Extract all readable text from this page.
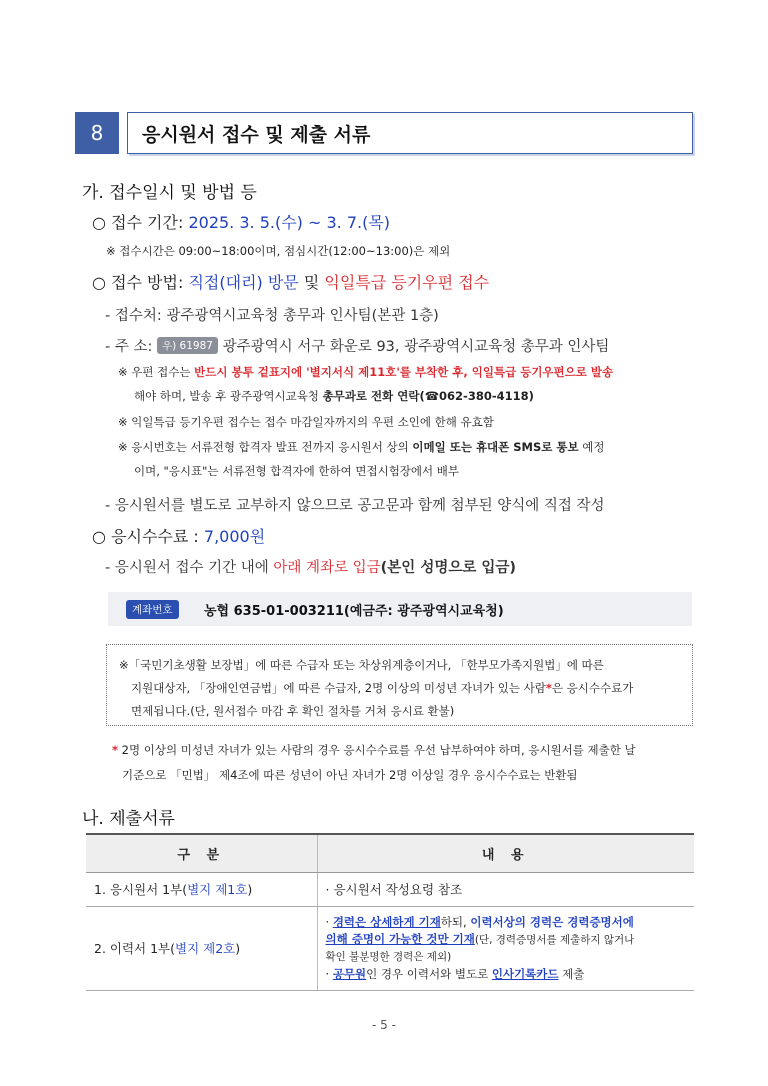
8	응시원서 접수 및 제출 서류
가. 접수일시 및 방법 등
○ 접수 기간: 2025. 3. 5.(수) ~ 3. 7.(목)
※ 접수시간은 09:00~18:00이며, 점심시간(12:00~13:00)은 제외
○ 접수 방법: 직접(대리) 방문 및 익일특급 등기우편 접수
- 접수처: 광주광역시교육청 총무과 인사팀(본관 1층)
- 주 소: 우) 61987 광주광역시 서구 화운로 93, 광주광역시교육청 총무과 인사팀
※ 우편 접수는 반드시 봉투 겉표지에 '별지서식 제11호'를 부착한 후, 익일특급 등기우편으로 발송
해야 하며, 발송 후 광주광역시교육청 총무과로 전화 연락(☎062-380-4118)
※ 익일특급 등기우편 접수는 접수 마감일자까지의 우편 소인에 한해 유효함
※ 응시번호는 서류전형 합격자 발표 전까지 응시원서 상의 이메일 또는 휴대폰 SMS로 통보 예정
이며, "응시표"는 서류전형 합격자에 한하여 면접시험장에서 배부
- 응시원서를 별도로 교부하지 않으므로 공고문과 함께 첨부된 양식에 직접 작성
○ 응시수수료 : 7,000원
- 응시원서 접수 기간 내에 아래 계좌로 입금(본인 성명으로 입금)
계좌번호	농협 635-01-003211(예금주: 광주광역시교육청)
※「국민기초생활 보장법」에 따른 수급자 또는 차상위계층이거나, 「한부모가족지원법」에 따른
지원대상자, 「장애인연금법」에 따른 수급자, 2명 이상의 미성년 자녀가 있는 사람*은 응시수수료가
면제됩니다.(단, 원서접수 마감 후 확인 절차를 거쳐 응시료 환불)
* 2명 이상의 미성년 자녀가 있는 사람의 경우 응시수수료를 우선 납부하여야 하며, 응시원서를 제출한 날
기준으로 「민법」 제4조에 따른 성년이 아닌 자녀가 2명 이상일 경우 응시수수료는 반환됨
나. 제출서류
구 분	내 용
1. 응시원서 1부(별지 제1호)	· 응시원서 작성요령 참조
2. 이력서 1부(별지 제2호)	· 경력은 상세하게 기재하되, 이력서상의 경력은 경력증명서에
의해 증명이 가능한 것만 기재(단, 경력증명서를 제출하지 않거나
확인 불분명한 경력은 제외)
· 공무원인 경우 이력서와 별도로 인사기록카드 제출
- 5 -
